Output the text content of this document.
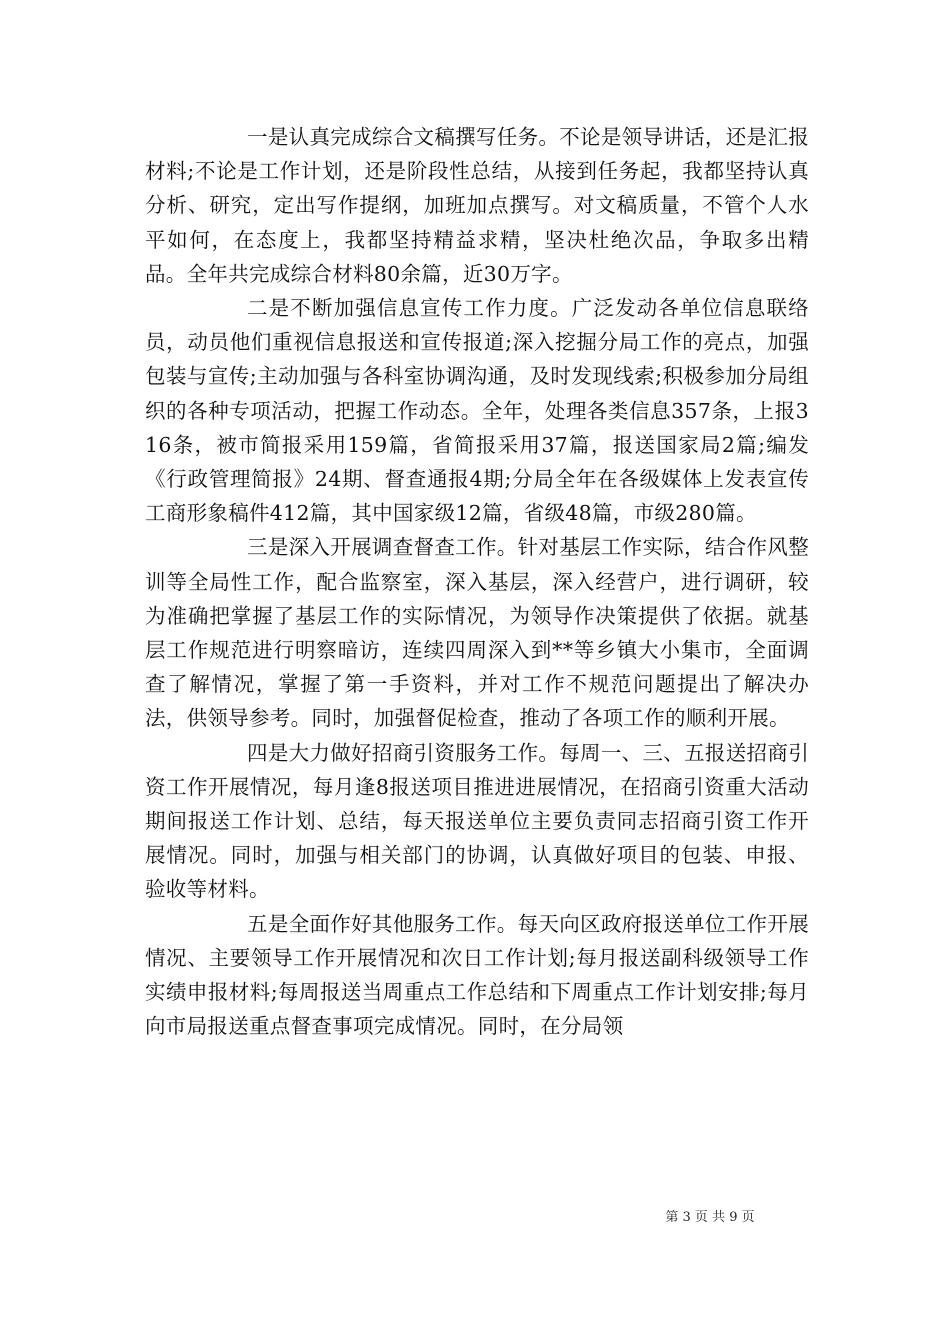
一是认真完成综合文稿撰写任务。不论是领导讲话，还是汇报材料;不论是工作计划，还是阶段性总结，从接到任务起，我都坚持认真分析、研究，定出写作提纲，加班加点撰写。对文稿质量，不管个人水平如何，在态度上，我都坚持精益求精，坚决杜绝次品，争取多出精品。全年共完成综合材料80余篇，近30万字。

二是不断加强信息宣传工作力度。广泛发动各单位信息联络员，动员他们重视信息报送和宣传报道;深入挖掘分局工作的亮点，加强包装与宣传;主动加强与各科室协调沟通，及时发现线索;积极参加分局组织的各种专项活动，把握工作动态。全年，处理各类信息357条，上报316条，被市简报采用159篇，省简报采用37篇，报送国家局2篇;编发《行政管理简报》24期、督查通报4期;分局全年在各级媒体上发表宣传工商形象稿件412篇，其中国家级12篇，省级48篇，市级280篇。

三是深入开展调查督查工作。针对基层工作实际，结合作风整训等全局性工作，配合监察室，深入基层，深入经营户，进行调研，较为准确把掌握了基层工作的实际情况，为领导作决策提供了依据。就基层工作规范进行明察暗访，连续四周深入到**等乡镇大小集市，全面调查了解情况，掌握了第一手资料，并对工作不规范问题提出了解决办法，供领导参考。同时，加强督促检查，推动了各项工作的顺利开展。

四是大力做好招商引资服务工作。每周一、三、五报送招商引资工作开展情况，每月逢8报送项目推进进展情况，在招商引资重大活动期间报送工作计划、总结，每天报送单位主要负责同志招商引资工作开展情况。同时，加强与相关部门的协调，认真做好项目的包装、申报、验收等材料。

五是全面作好其他服务工作。每天向区政府报送单位工作开展情况、主要领导工作开展情况和次日工作计划;每月报送副科级领导工作实绩申报材料;每周报送当周重点工作总结和下周重点工作计划安排;每月向市局报送重点督查事项完成情况。同时，在分局领

第 3 页 共 9 页
